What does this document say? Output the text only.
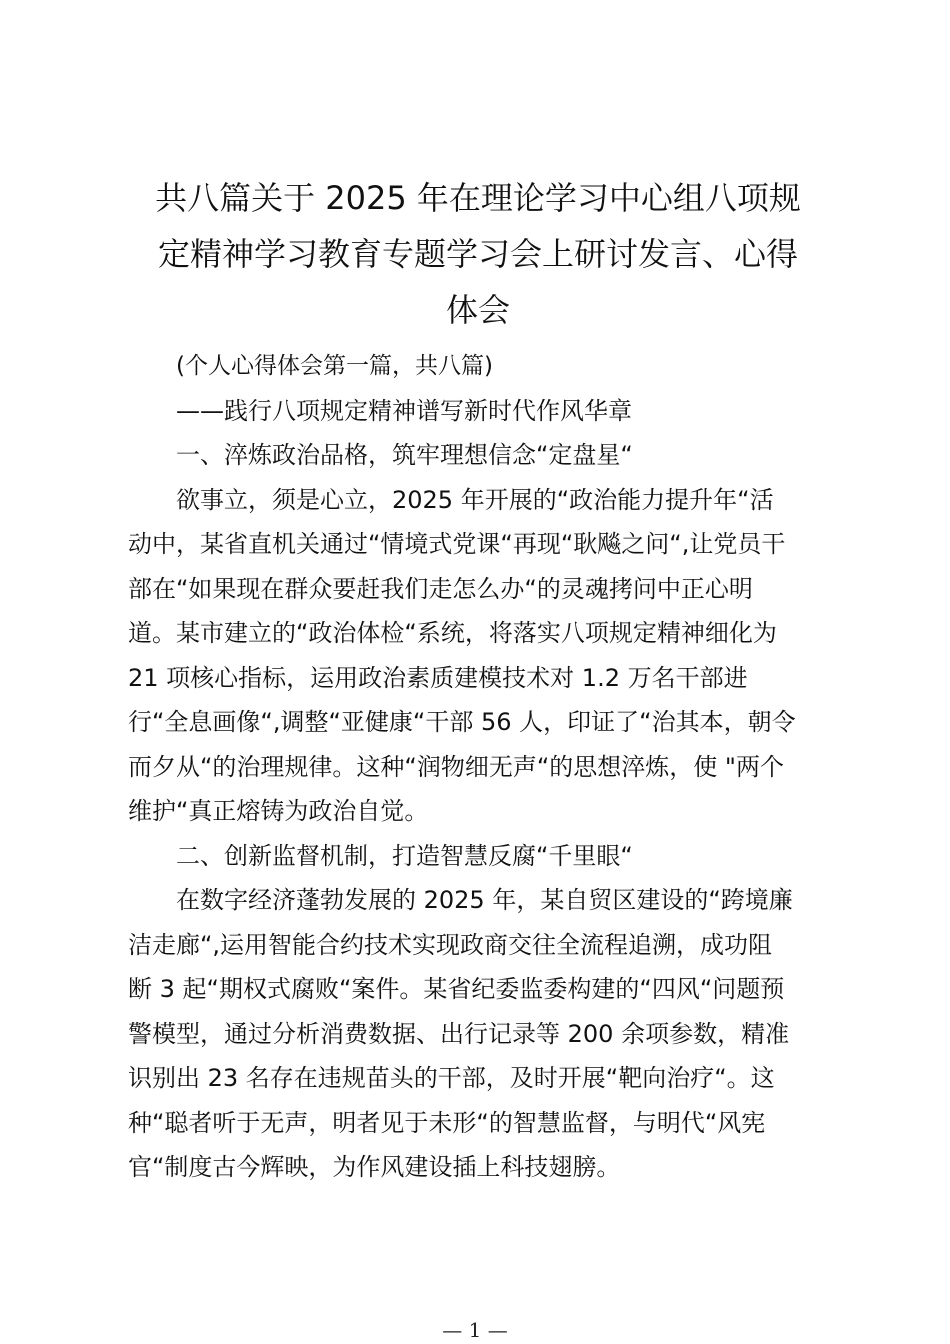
共八篇关于 2025 年在理论学习中心组八项规
定精神学习教育专题学习会上研讨发言、心得
体会

(个人心得体会第一篇，共八篇)

——践行八项规定精神谱写新时代作风华章

一、淬炼政治品格，筑牢理想信念“定盘星“

欲事立，须是心立，2025 年开展的“政治能力提升年“活
动中，某省直机关通过“情境式党课“再现“耿飚之问“,让党员干
部在“如果现在群众要赶我们走怎么办“的灵魂拷问中正心明
道。某市建立的“政治体检“系统，将落实八项规定精神细化为
21 项核心指标，运用政治素质建模技术对 1.2 万名干部进
行“全息画像“,调整“亚健康“干部 56 人，印证了“治其本，朝令
而夕从“的治理规律。这种“润物细无声“的思想淬炼，使 "两个
维护“真正熔铸为政治自觉。

二、创新监督机制，打造智慧反腐“千里眼“

在数字经济蓬勃发展的 2025 年，某自贸区建设的“跨境廉
洁走廊“,运用智能合约技术实现政商交往全流程追溯，成功阻
断 3 起“期权式腐败“案件。某省纪委监委构建的“四风“问题预
警模型，通过分析消费数据、出行记录等 200 余项参数，精准
识别出 23 名存在违规苗头的干部，及时开展“靶向治疗“。这
种“聪者听于无声，明者见于未形“的智慧监督，与明代“风宪
官“制度古今辉映，为作风建设插上科技翅膀。
— 1 —
